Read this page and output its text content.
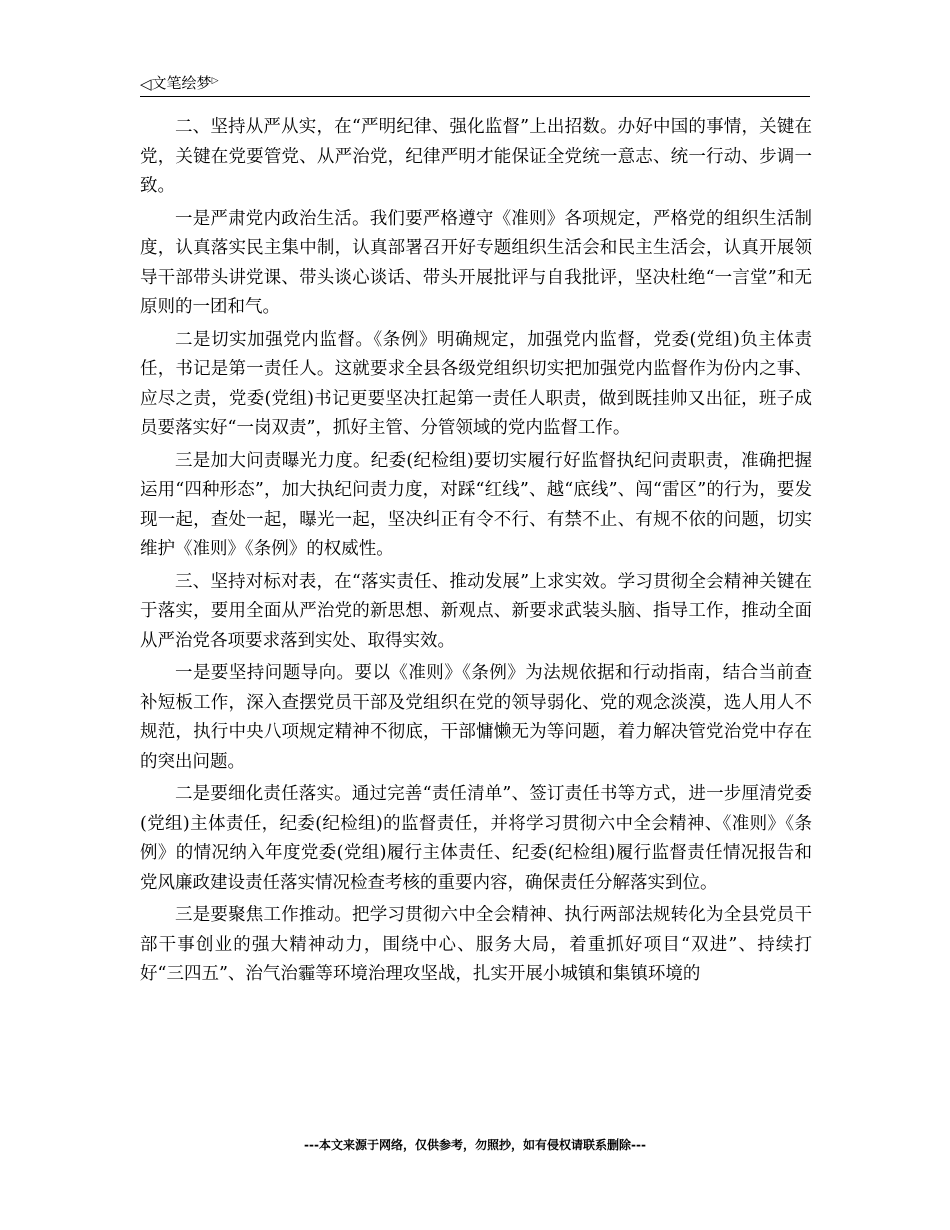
◁文笔绘梦▷

二、坚持从严从实，在“严明纪律、强化监督”上出招数。办好中国的事情，关键在党，关键在党要管党、从严治党，纪律严明才能保证全党统一意志、统一行动、步调一致。

一是严肃党内政治生活。我们要严格遵守《准则》各项规定，严格党的组织生活制度，认真落实民主集中制，认真部署召开好专题组织生活会和民主生活会，认真开展领导干部带头讲党课、带头谈心谈话、带头开展批评与自我批评，坚决杜绝“一言堂”和无原则的一团和气。

二是切实加强党内监督。《条例》明确规定，加强党内监督，党委(党组)负主体责任，书记是第一责任人。这就要求全县各级党组织切实把加强党内监督作为份内之事、应尽之责，党委(党组)书记更要坚决扛起第一责任人职责，做到既挂帅又出征，班子成员要落实好“一岗双责”，抓好主管、分管领域的党内监督工作。

三是加大问责曝光力度。纪委(纪检组)要切实履行好监督执纪问责职责，准确把握运用“四种形态”，加大执纪问责力度，对踩“红线”、越“底线”、闯“雷区”的行为，要发现一起，查处一起，曝光一起，坚决纠正有令不行、有禁不止、有规不依的问题，切实维护《准则》《条例》的权威性。

三、坚持对标对表，在“落实责任、推动发展”上求实效。学习贯彻全会精神关键在于落实，要用全面从严治党的新思想、新观点、新要求武装头脑、指导工作，推动全面从严治党各项要求落到实处、取得实效。

一是要坚持问题导向。要以《准则》《条例》为法规依据和行动指南，结合当前查补短板工作，深入查摆党员干部及党组织在党的领导弱化、党的观念淡漠，选人用人不规范，执行中央八项规定精神不彻底，干部慵懒无为等问题，着力解决管党治党中存在的突出问题。

二是要细化责任落实。通过完善“责任清单”、签订责任书等方式，进一步厘清党委(党组)主体责任，纪委(纪检组)的监督责任，并将学习贯彻六中全会精神、《准则》《条例》的情况纳入年度党委(党组)履行主体责任、纪委(纪检组)履行监督责任情况报告和党风廉政建设责任落实情况检查考核的重要内容，确保责任分解落实到位。

三是要聚焦工作推动。把学习贯彻六中全会精神、执行两部法规转化为全县党员干部干事创业的强大精神动力，围绕中心、服务大局，着重抓好项目“双进”、持续打好“三四五”、治气治霾等环境治理攻坚战，扎实开展小城镇和集镇环境的

---本文来源于网络，仅供参考，勿照抄，如有侵权请联系删除---
